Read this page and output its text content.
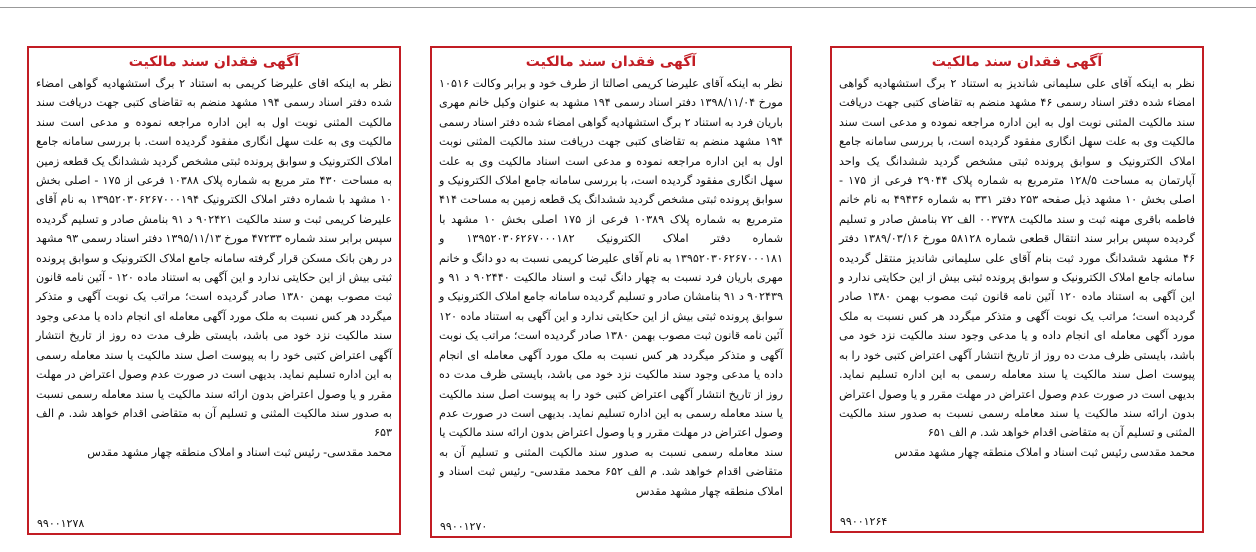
آگهی فقدان سند مالکیت
نظر به اینکه اقای علیرضا کریمی به استناد ۲ برگ استشهادیه گواهی امضاء شده دفتر اسناد رسمی ۱۹۴ مشهد منضم به تقاضای کتبی جهت دریافت سند مالکیت المثنی نوبت اول به این اداره مراجعه نموده و مدعی است سند مالکیت وی به علت سهل انگاری مفقود گردیده است. با بررسی سامانه جامع املاک الکترونیک و سوابق پرونده ثبتی مشخص گردید ششدانگ یک قطعه زمین به مساحت ۴۳۰ متر مربع به شماره پلاک ۱۰۳۸۸ فرعی از ۱۷۵ - اصلی بخش ۱۰ مشهد با شماره دفتر املاک الکترونیک ۱۳۹۵۲۰۳۰۶۲۶۷۰۰۰۱۹۴ به نام آقای علیرضا کریمی ثبت و سند مالکیت ۹۰۲۴۲۱ د ۹۱ بنامش صادر و تسلیم گردیده سپس برابر سند شماره ۴۷۲۳۳ مورخ ۱۳۹۵/۱۱/۱۳ دفتر اسناد رسمی ۹۳ مشهد در رهن بانک مسکن قرار گرفته سامانه جامع املاک الکترونیک و سوابق پرونده ثبتی بیش از این حکایتی ندارد و این آگهی به استناد ماده ۱۲۰ - آئین نامه قانون ثبت مصوب بهمن ۱۳۸۰ صادر گردیده است؛ مراتب یک نوبت آگهی و متذکر میگردد هر کس نسبت به ملک مورد آگهی معامله ای انجام داده یا مدعی وجود سند مالکیت نزد خود می باشد، بایستی ظرف مدت ده روز از تاریخ انتشار آگهی اعتراض کتبی خود را به پیوست اصل سند مالکیت یا سند معامله رسمی به این اداره تسلیم نماید. بدیهی است در صورت عدم وصول اعتراض در مهلت مقرر و یا وصول اعتراض بدون ارائه سند مالکیت یا سند معامله رسمی نسبت به صدور سند مالکیت المثنی و تسلیم آن به متقاضی اقدام خواهد شد. م الف ۶۵۳
محمد مقدسی- رئیس ثبت اسناد و املاک منطقه چهار مشهد مقدس
۹۹۰۰۱۲۷۸
آگهی فقدان سند مالکیت
نظر به اینکه آقای علیرضا کریمی اصالتا از طرف خود و برابر وکالت ۱۰۵۱۶ مورخ ۱۳۹۸/۱۱/۰۴ دفتر اسناد رسمی ۱۹۴ مشهد به عنوان وکیل خانم مهری باریان فرد به استناد ۲ برگ استشهادیه گواهی امضاء شده دفتر اسناد رسمی ۱۹۴ مشهد منضم به تقاضای کتبی جهت دریافت سند مالکیت المثنی نوبت اول به این اداره مراجعه نموده و مدعی است اسناد مالکیت وی به علت سهل انگاری مفقود گردیده است، با بررسی سامانه جامع املاک الکترونیک و سوابق پرونده ثبتی مشخص گردید ششدانگ یک قطعه زمین به مساحت ۴۱۴ مترمربع به شماره پلاک ۱۰۳۸۹ فرعی از ۱۷۵ اصلی بخش ۱۰ مشهد با شماره دفتر املاک الکترونیک ۱۳۹۵۲۰۳۰۶۲۶۷۰۰۰۱۸۲ و ۱۳۹۵۲۰۳۰۶۲۶۷۰۰۰۱۸۱ به نام آقای علیرضا کریمی نسبت به دو دانگ و خانم مهری باریان فرد نسبت به چهار دانگ ثبت و اسناد مالکیت ۹۰۲۴۴۰ د ۹۱ و ۹۰۲۴۳۹ د ۹۱ بنامشان صادر و تسلیم گردیده سامانه جامع املاک الکترونیک و سوابق پرونده ثبتی بیش از این حکایتی ندارد و این آگهی به استناد ماده ۱۲۰ آئین نامه قانون ثبت مصوب بهمن ۱۳۸۰ صادر گردیده است؛ مراتب یک نوبت آگهی و متذکر میگردد هر کس نسبت به ملک مورد آگهی معامله ای انجام داده یا مدعی وجود سند مالکیت نزد خود می باشد، بایستی ظرف مدت ده روز از تاریخ انتشار آگهی اعتراض کتبی خود را به پیوست اصل سند مالکیت یا سند معامله رسمی به این اداره تسلیم نماید. بدیهی است در صورت عدم وصول اعتراض در مهلت مقرر و یا وصول اعتراض بدون ارائه سند مالکیت یا سند معامله رسمی نسبت به صدور سند مالکیت المثنی و تسلیم آن به متقاضی اقدام خواهد شد. م الف ۶۵۲ محمد مقدسی- رئیس ثبت اسناد و املاک منطقه چهار مشهد مقدس
۹۹۰۰۱۲۷۰
آگهی فقدان سند مالکیت
نظر به اینکه آقای علی سلیمانی شاندیز به استناد ۲ برگ استشهادیه گواهی امضاء شده دفتر اسناد رسمی ۴۶ مشهد منضم به تقاضای کتبی جهت دریافت سند مالکیت المثنی نوبت اول به این اداره مراجعه نموده و مدعی است سند مالکیت وی به علت سهل انگاری مفقود گردیده است، با بررسی سامانه جامع املاک الکترونیک و سوابق پرونده ثبتی مشخص گردید ششدانگ یک واحد آپارتمان به مساحت ۱۲۸/۵ مترمربع به شماره پلاک ۲۹۰۴۴ فرعی از ۱۷۵ - اصلی بخش ۱۰ مشهد ذیل صفحه ۲۵۳ دفتر ۳۳۱ به شماره ۴۹۴۳۶ به نام خانم فاطمه باقری مهنه ثبت و سند مالکیت ۰۰۳۷۳۸ الف ۷۲ بنامش صادر و تسلیم گردیده سپس برابر سند انتقال قطعی شماره ۵۸۱۲۸ مورخ ۱۳۸۹/۰۳/۱۶ دفتر ۴۶ مشهد ششدانگ مورد ثبت بنام آقای علی سلیمانی شاندیز منتقل گردیده سامانه جامع املاک الکترونیک و سوابق پرونده ثبتی بیش از این حکایتی ندارد و این آگهی به استناد ماده ۱۲۰ آئین نامه قانون ثبت مصوب بهمن ۱۳۸۰ صادر گردیده است؛ مراتب یک نوبت آگهی و متذکر میگردد هر کس نسبت به ملک مورد آگهی معامله ای انجام داده و یا مدعی وجود سند مالکیت نزد خود می باشد، بایستی ظرف مدت ده روز از تاریخ انتشار آگهی اعتراض کتبی خود را به پیوست اصل سند مالکیت یا سند معامله رسمی به این اداره تسلیم نماید. بدیهی است در صورت عدم وصول اعتراض در مهلت مقرر و یا وصول اعتراض بدون ارائه سند مالکیت یا سند معامله رسمی نسبت به صدور سند مالکیت المثنی و تسلیم آن به متقاضی اقدام خواهد شد. م الف ۶۵۱
محمد مقدسی رئیس ثبت اسناد و املاک منطقه چهار مشهد مقدس
۹۹۰۰۱۲۶۴
